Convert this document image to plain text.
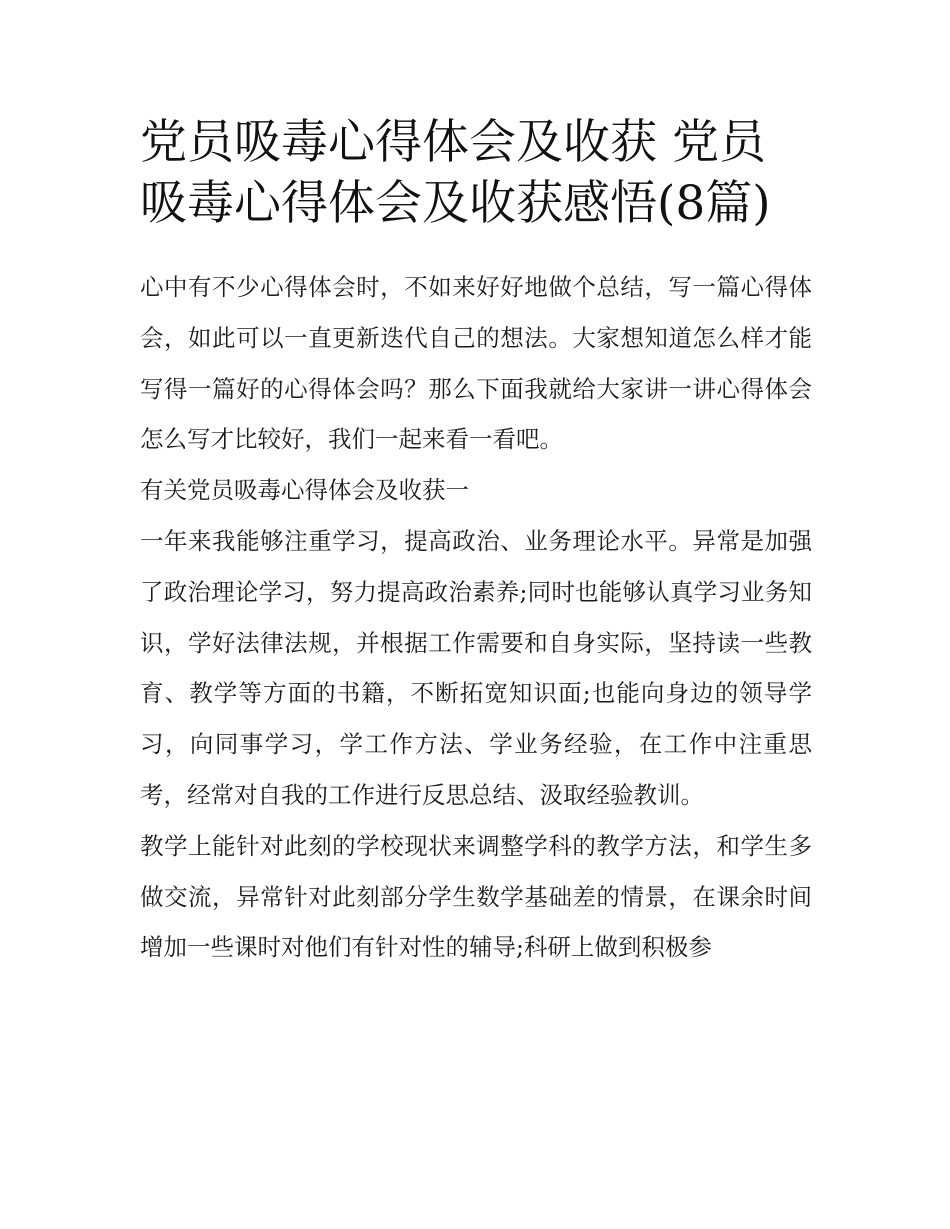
党员吸毒心得体会及收获 党员吸毒心得体会及收获感悟(8篇)

心中有不少心得体会时，不如来好好地做个总结，写一篇心得体会，如此可以一直更新迭代自己的想法。大家想知道怎么样才能写得一篇好的心得体会吗？那么下面我就给大家讲一讲心得体会怎么写才比较好，我们一起来看一看吧。

有关党员吸毒心得体会及收获一

一年来我能够注重学习，提高政治、业务理论水平。异常是加强了政治理论学习，努力提高政治素养;同时也能够认真学习业务知识，学好法律法规，并根据工作需要和自身实际，坚持读一些教育、教学等方面的书籍，不断拓宽知识面;也能向身边的领导学习，向同事学习，学工作方法、学业务经验，在工作中注重思考，经常对自我的工作进行反思总结、汲取经验教训。

教学上能针对此刻的学校现状来调整学科的教学方法，和学生多做交流，异常针对此刻部分学生数学基础差的情景，在课余时间增加一些课时对他们有针对性的辅导;科研上做到积极参
